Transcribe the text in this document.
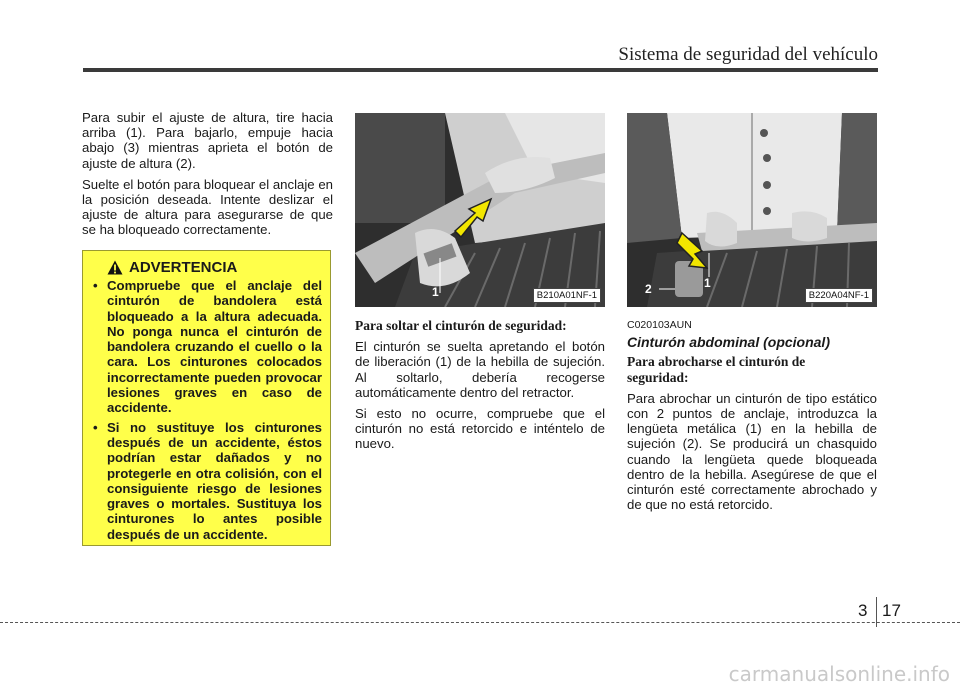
Sistema de seguridad del vehículo

Para subir el ajuste de altura, tire hacia arriba (1). Para bajarlo, empuje hacia abajo (3) mientras aprieta el botón de ajuste de altura (2).

Suelte el botón para bloquear el anclaje en la posición deseada. Intente deslizar el ajuste de altura para asegurarse de que se ha bloqueado correctamente.

ADVERTENCIA
• Compruebe que el anclaje del cinturón de bandolera está bloqueado a la altura adecuada. No ponga nunca el cinturón de bandolera cruzando el cuello o la cara. Los cinturones colocados incorrectamente pueden provocar lesiones graves en caso de accidente.
• Si no sustituye los cinturones después de un accidente, éstos podrían estar dañados y no protegerle en otra colisión, con el consiguiente riesgo de lesiones graves o mortales. Sustituya los cinturones lo antes posible después de un accidente.
1	B210A01NF-1

Para soltar el cinturón de seguridad:

El cinturón se suelta apretando el botón de liberación (1) de la hebilla de sujeción. Al soltarlo, debería recogerse automáticamente dentro del retractor.

Si esto no ocurre, compruebe que el cinturón no está retorcido e inténtelo de nuevo.

1
2	B220A04NF-1

C020103AUN

Cinturón abdominal (opcional)

Para abrocharse el cinturón de seguridad:

Para abrochar un cinturón de tipo estático con 2 puntos de anclaje, introduzca la lengüeta metálica (1) en la hebilla de sujeción (2). Se producirá un chasquido cuando la lengüeta quede bloqueada dentro de la hebilla. Asegúrese de que el cinturón esté correctamente abrochado y de que no está retorcido.

3 17
carmanualsonline.info
